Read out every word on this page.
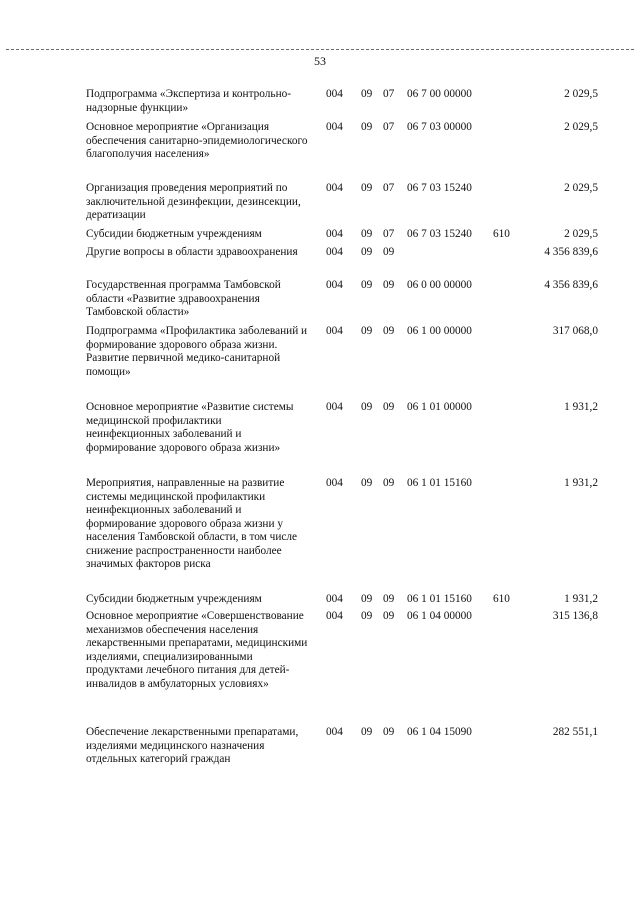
53
Подпрограмма «Экспертиза и контрольно-надзорные функции»
004 09 07 06 7 00 00000	2 029,5
Основное мероприятие «Организация обеспечения санитарно-эпидемиологического благополучия населения»
004 09 07 06 7 03 00000	2 029,5
Организация проведения мероприятий по заключительной дезинфекции, дезинсекции, дератизации
004 09 07 06 7 03 15240	2 029,5
Субсидии бюджетным учреждениям	004 09 07 06 7 03 15240 610	2 029,5
Другие вопросы в области здравоохранения	004 09 09	4 356 839,6
Государственная программа Тамбовской области «Развитие здравоохранения Тамбовской области»
004 09 09 06 0 00 00000	4 356 839,6
Подпрограмма «Профилактика заболеваний и формирование здорового образа жизни. Развитие первичной медико-санитарной помощи»
004 09 09 06 1 00 00000	317 068,0
Основное мероприятие «Развитие системы медицинской профилактики неинфекционных заболеваний и формирование здорового образа жизни»
004 09 09 06 1 01 00000	1 931,2
Мероприятия, направленные на развитие системы медицинской профилактики неинфекционных заболеваний и формирование здорового образа жизни у населения Тамбовской области, в том числе снижение распространенности наиболее значимых факторов риска
004 09 09 06 1 01 15160	1 931,2
Субсидии бюджетным учреждениям	004 09 09 06 1 01 15160 610	1 931,2
Основное мероприятие «Совершенствование механизмов обеспечения населения лекарственными препаратами, медицинскими изделиями, специализированными продуктами лечебного питания для детей-инвалидов в амбулаторных условиях»
004 09 09 06 1 04 00000	315 136,8
Обеспечение лекарственными препаратами, изделиями медицинского назначения отдельных категорий граждан
004 09 09 06 1 04 15090	282 551,1
